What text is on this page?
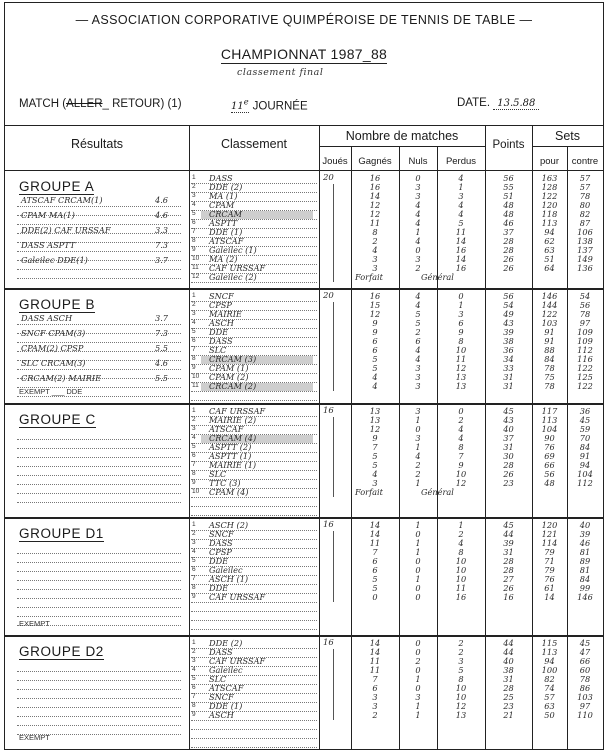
— ASSOCIATION CORPORATIVE QUIMPÉROISE DE TENNIS DE TABLE —
CHAMPIONNAT 1987_88
classement final
MATCH (ALLER_ RETOUR) (1)	11e JOURNÉE	DATE. 13.5.88
Résultats	Classement
Nombre de matches
Points
Sets
Joués	Gagnés	Nuls	Perdus	pour	contre
GROUPE A
ATSCAF CRCAM(1)	4.6
CPAM MA(1)	4.6
DDE(2) CAF URSSAF	3.3
DASS ASPTT	7.3
Galeilec DDE(1)	3.7
20
1 DASS	16	0	4	56	163	57
2 DDE (2)	16	3	1	55	128	57
3 MA (1)	14	3	3	51	122	78
4 CPAM	12	4	4	48	120	80
5 CRCAM	12	4	4	48	118	82
6 ASPTT	11	4	5	46	113	87
7 DDE (1)	8	1	11	37	94	106
8 ATSCAF	2	4	14	28	62	138
9 Galeilec (1)	4	0	16	28	63	137
10 MA (2)	3	3	14	26	51	149
11 CAF URSSAF	3	2	16	26	64	136
12 Galeilec (2)	Forfait	Général
GROUPE B
DASS ASCH	3.7
SNCF CPAM(3)	7.3
CPAM(2) CPSP	5.5
SLC CRCAM(3)	4.6
CRCAM(2) MAIRIE	5.5
EXEMPT ___ DDE
20
1 SNCF	16	4	0	56	146	54
2 CPSP	15	4	1	54	144	56
3 MAIRIE	12	5	3	49	122	78
4 ASCH	9	5	6	43	103	97
5 DDE	9	2	9	39	91	109
6 DASS	6	6	8	38	91	109
7 SLC	6	4	10	36	88	112
8 CRCAM (3)	5	4	11	34	84	116
9 CPAM (1)	5	3	12	33	78	122
10 CPAM (2)	4	3	13	31	75	125
11 CRCAM (2)	4	3	13	31	78	122
GROUPE C
16
1 CAF URSSAF	13	3	0	45	117	36
2 MAIRIE (2)	13	1	2	43	113	45
3 ATSCAF	12	0	4	40	104	59
4 CRCAM (4)	9	3	4	37	90	70
5 ASPTT (2)	7	1	8	31	76	84
6 ASPTT (1)	5	4	7	30	69	91
7 MAIRIE (1)	5	2	9	28	66	94
8 SLC	4	2	10	26	56	104
9 TTC (3)	3	1	12	23	48	112
10 CPAM (4)	Forfait	Général
GROUPE D1
EXEMPT
16
1 ASCH (2)	14	1	1	45	120	40
2 SNCF	14	0	2	44	121	39
3 DASS	11	1	4	39	114	46
4 CPSP	7	1	8	31	79	81
5 DDE	6	0	10	28	71	89
6 Galeilec	6	0	10	28	79	81
7 ASCH (1)	5	1	10	27	76	84
8 DDE	5	0	11	26	61	99
9 CAF URSSAF	0	0	16	16	14	146
GROUPE D2
EXEMPT
16
1 DDE (2)	14	0	2	44	115	45
2 DASS	14	0	2	44	113	47
3 CAF URSSAF	11	2	3	40	94	66
4 Galeilec	11	0	5	38	100	60
5 SLC	7	1	8	31	82	78
6 ATSCAF	6	0	10	28	74	86
7 SNCF	3	3	10	25	57	103
8 DDE (1)	3	1	12	23	63	97
9 ASCH	2	1	13	21	50	110
